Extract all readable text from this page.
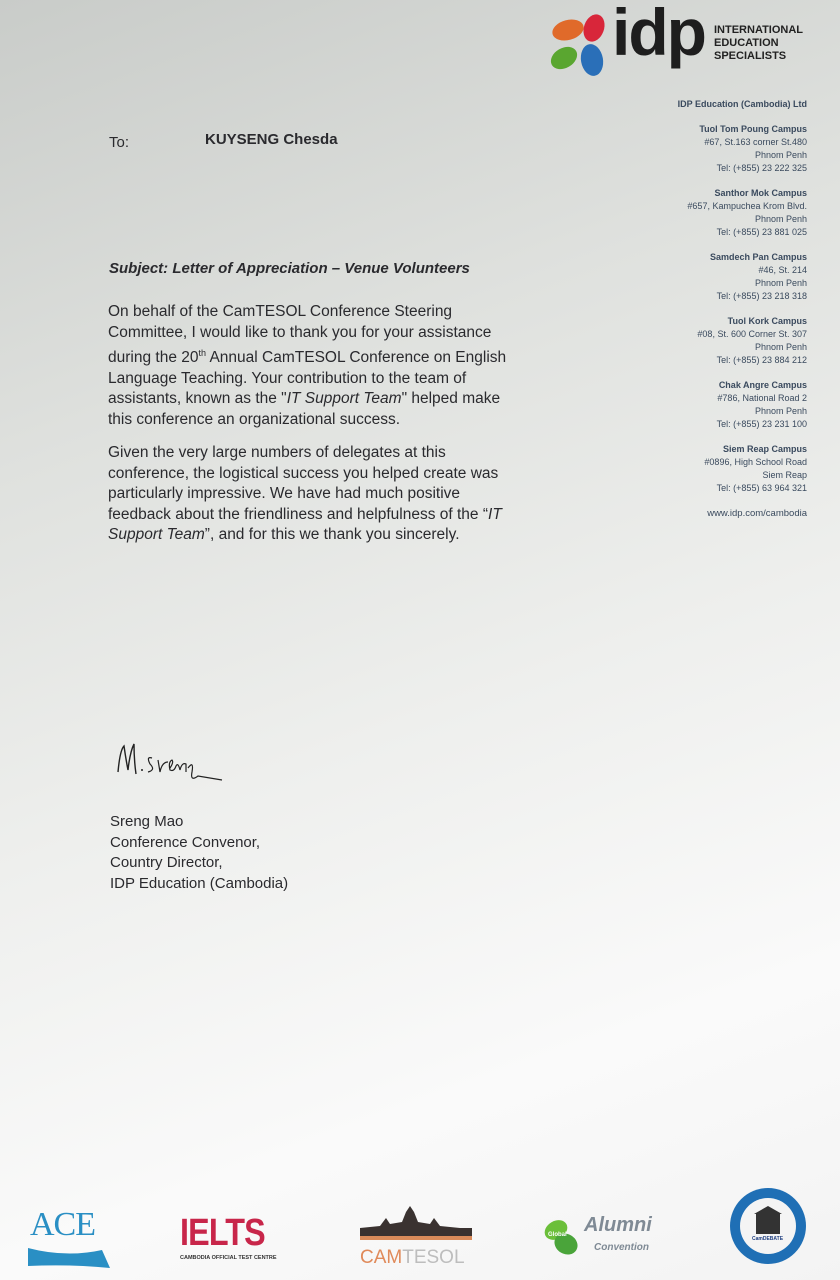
idp INTERNATIONAL
EDUCATION
SPECIALISTS
IDP Education (Cambodia) Ltd
Tuol Tom Poung Campus
#67, St.163 corner St.480
Phnom Penh
Tel: (+855) 23 222 325
Santhor Mok Campus
#657, Kampuchea Krom Blvd.
Phnom Penh
Tel: (+855) 23 881 025
Samdech Pan Campus
#46, St. 214
Phnom Penh
Tel: (+855) 23 218 318
Tuol Kork Campus
#08, St. 600 Corner St. 307
Phnom Penh
Tel: (+855) 23 884 212
Chak Angre Campus
#786, National Road 2
Phnom Penh
Tel: (+855) 23 231 100
Siem Reap Campus
#0896, High School Road
Siem Reap
Tel: (+855) 63 964 321
www.idp.com/cambodia
To:	KUYSENG Chesda
Subject: Letter of Appreciation – Venue Volunteers
On behalf of the CamTESOL Conference Steering
Committee, I would like to thank you for your assistance
during the 20th Annual CamTESOL Conference on English
Language Teaching. Your contribution to the team of
assistants, known as the "IT Support Team" helped make
this conference an organizational success.
Given the very large numbers of delegates at this
conference, the logistical success you helped create was
particularly impressive. We have had much positive
feedback about the friendliness and helpfulness of the “IT
Support Team”, and for this we thank you sincerely.
Sreng Mao
Conference Convenor,
Country Director,
IDP Education (Cambodia)
ACE	IELTS
CAMBODIA OFFICIAL TEST CENTRE	CAMTESOL
Global Alumni
Convention
CamDEBATE
